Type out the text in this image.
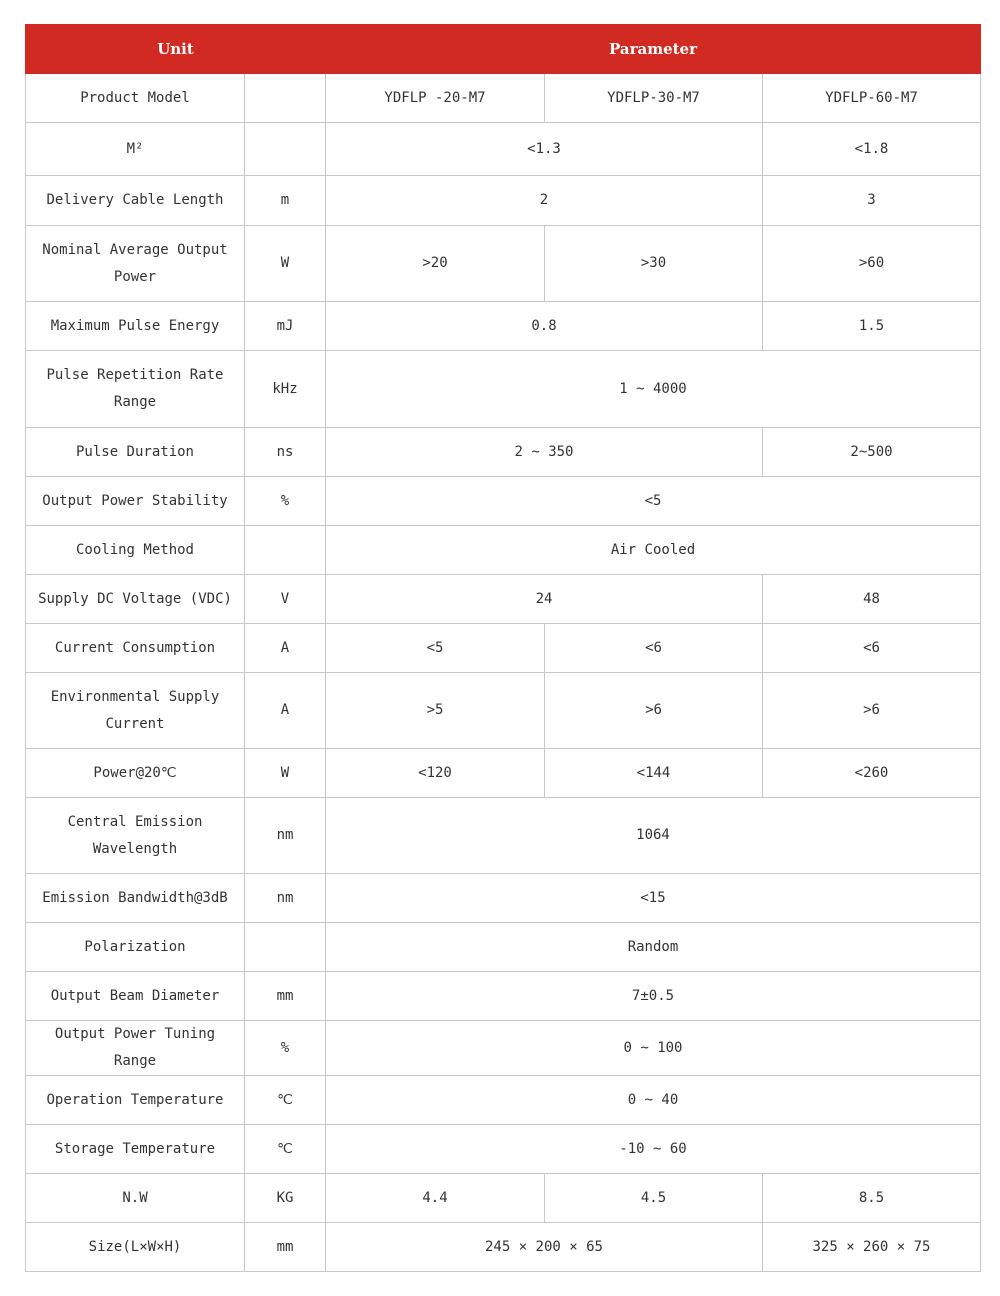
Unit		Parameter		
Product Model		YDFLP -20-M7	YDFLP-30-M7	YDFLP-60-M7
M²		<1.3		<1.8
Delivery Cable Length	m	2		3
Nominal Average Output Power	W	>20	>30	>60
Maximum Pulse Energy	mJ	0.8		1.5
Pulse Repetition Rate Range	kHz	1 ~ 4000		
Pulse Duration	ns	2 ~ 350		2~500
Output Power Stability	%	<5		
Cooling Method		Air Cooled		
Supply DC Voltage (VDC)	V	24		48
Current Consumption	A	<5	<6	<6
Environmental Supply Current	A	>5	>6	>6
Power@20℃	W	<120	<144	<260
Central Emission Wavelength	nm	1064		
Emission Bandwidth@3dB	nm	<15		
Polarization		Random		
Output Beam Diameter	mm	7±0.5		
Output Power Tuning Range	%	0 ~ 100		
Operation Temperature	℃	0 ~ 40		
Storage Temperature	℃	-10 ~ 60		
N.W	KG	4.4	4.5	8.5
Size(L×W×H)	mm	245 × 200 × 65		325 × 260 × 75
